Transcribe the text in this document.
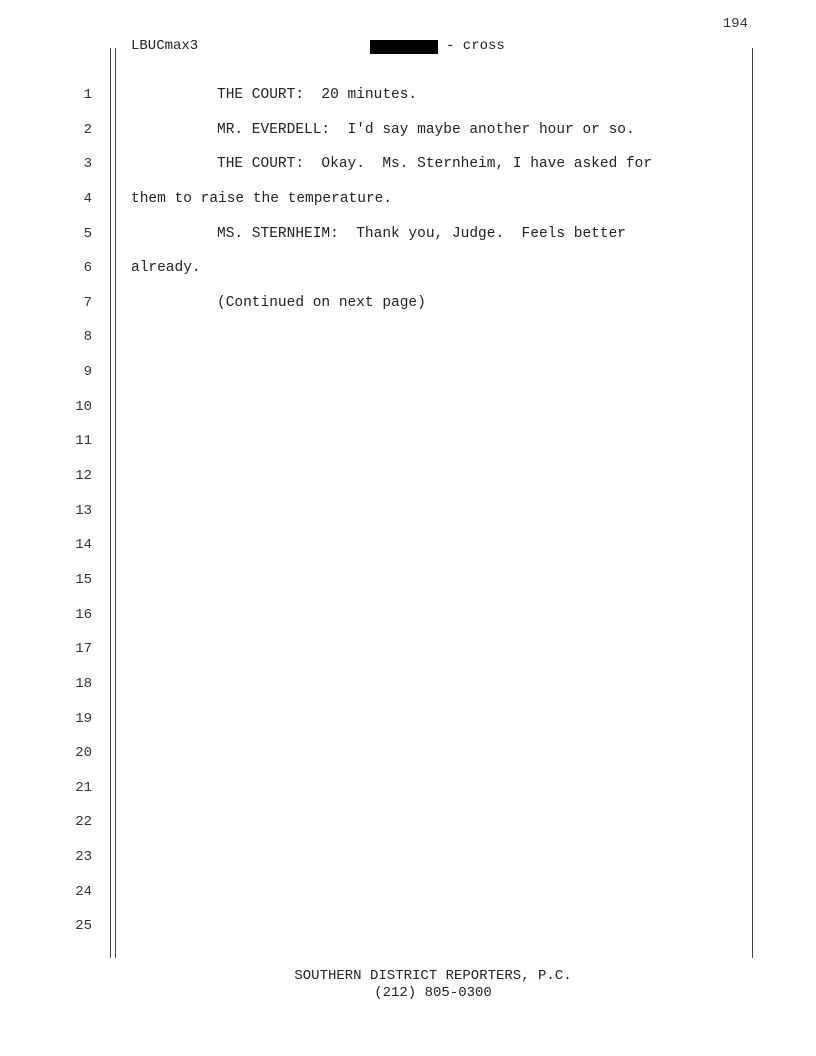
194
LBUCmax3	- cross
1
2
3
4
5
6
7
8
9
10
11
12
13
14
15
16
17
18
19
20
21
22
23
24
25
THE COURT:  20 minutes.
MR. EVERDELL:  I'd say maybe another hour or so.
THE COURT:  Okay.  Ms. Sternheim, I have asked for
them to raise the temperature.
MS. STERNHEIM:  Thank you, Judge.  Feels better
already.
(Continued on next page)
SOUTHERN DISTRICT REPORTERS, P.C.
(212) 805-0300
